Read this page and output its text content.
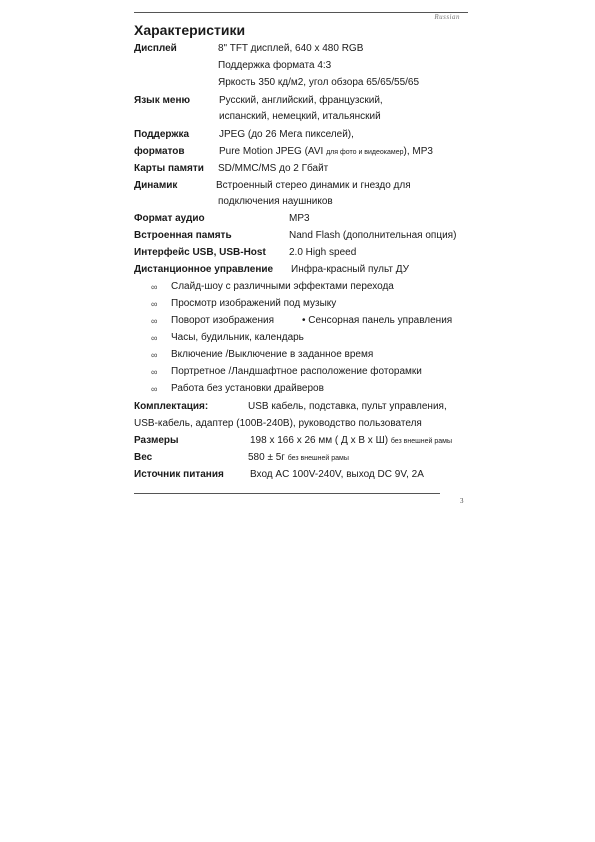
Russian
Характеристики
Дисплей	8" TFT дисплей, 640 x 480 RGB
Поддержка формата 4:3
Яркость 350 кд/м2, угол обзора 65/65/55/65
Язык меню	Русский, английский, французский,
испанский, немецкий, итальянский
Поддержка	JPEG (до 26 Мега пикселей),
форматов	Pure Motion JPEG (AVI для фото и видеокамер), MP3
Карты памяти SD/MMC/MS до 2 Гбайт
Динамик	Встроенный стерео динамик и гнездо для
подключения наушников
Формат аудио	MP3
Встроенная память	Nand Flash (дополнительная опция)
Интерфейс USB, USB-Host 2.0 High speed
Дистанционное управление Инфра-красный пульт ДУ
∞ Слайд-шоу с различными эффектами перехода
∞ Просмотр изображений под музыку
∞ Поворот изображения	• Сенсорная панель управления
∞ Часы, будильник, календарь
∞ Включение /Выключение в заданное время
∞ Портретное /Ландшафтное расположение фоторамки
∞ Работа без установки драйверов
Комплектация:	USB кабель, подставка, пульт управления,
USB-кабель, адаптер (100В-240В), руководство пользователя
Размеры	198 x 166 x 26 мм ( Д x В x Ш) без внешней рамы
Вес	580 ± 5г без внешней рамы
Источник питания	Вход AC 100V-240V, выход DC 9V, 2A
3
